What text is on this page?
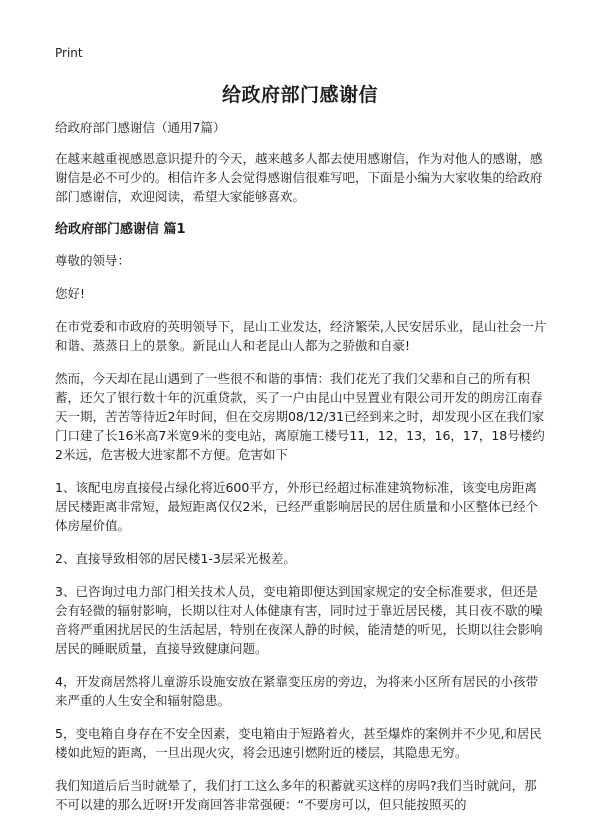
Print
给政府部门感谢信

给政府部门感谢信（通用7篇）

在越来越重视感恩意识提升的今天，越来越多人都去使用感谢信，作为对他人的感谢，感谢信是必不可少的。相信许多人会觉得感谢信很难写吧，下面是小编为大家收集的给政府部门感谢信，欢迎阅读，希望大家能够喜欢。

给政府部门感谢信 篇1

尊敬的领导：

您好!

在市党委和市政府的英明领导下，昆山工业发达，经济繁荣,人民安居乐业，昆山社会一片和谐、蒸蒸日上的景象。新昆山人和老昆山人都为之骄傲和自豪!

然而，今天却在昆山遇到了一些很不和谐的事情：我们花光了我们父辈和自己的所有积蓄，还欠了银行数十年的沉重贷款，买了一户由昆山中昱置业有限公司开发的朗房江南春天一期，苦苦等待近2年时间，但在交房期08/12/31已经到来之时，却发现小区在我们家门口建了长16米高7米宽9米的变电站，离原施工楼号11，12，13，16，17，18号楼约2米远，危害极大进家都不方便。危害如下

1、该配电房直接侵占绿化将近600平方，外形已经超过标准建筑物标准，该变电房距离居民楼距离非常短，最短距离仅仅2米，已经严重影响居民的居住质量和小区整体已经个体房屋价值。

2、直接导致相邻的居民楼1-3层采光极差。

3、已咨询过电力部门相关技术人员，变电箱即便达到国家规定的安全标准要求，但还是会有轻微的辐射影响，长期以往对人体健康有害，同时过于靠近居民楼，其日夜不歇的噪音将严重困扰居民的生活起居，特别在夜深人静的时候，能清楚的听见，长期以往会影响居民的睡眠质量，直接导致健康问题。

4，开发商居然将儿童游乐设施安放在紧靠变压房的旁边，为将来小区所有居民的小孩带来严重的人生安全和辐射隐患。

5，变电箱自身存在不安全因素，变电箱由于短路着火，甚至爆炸的案例并不少见,和居民楼如此短的距离，一旦出现火灾，将会迅速引燃附近的楼层，其隐患无穷。

我们知道后后当时就晕了，我们打工这么多年的积蓄就买这样的房吗?我们当时就问，那不可以建的那么近呀!开发商回答非常强硬：“不要房可以，但只能按照买的
